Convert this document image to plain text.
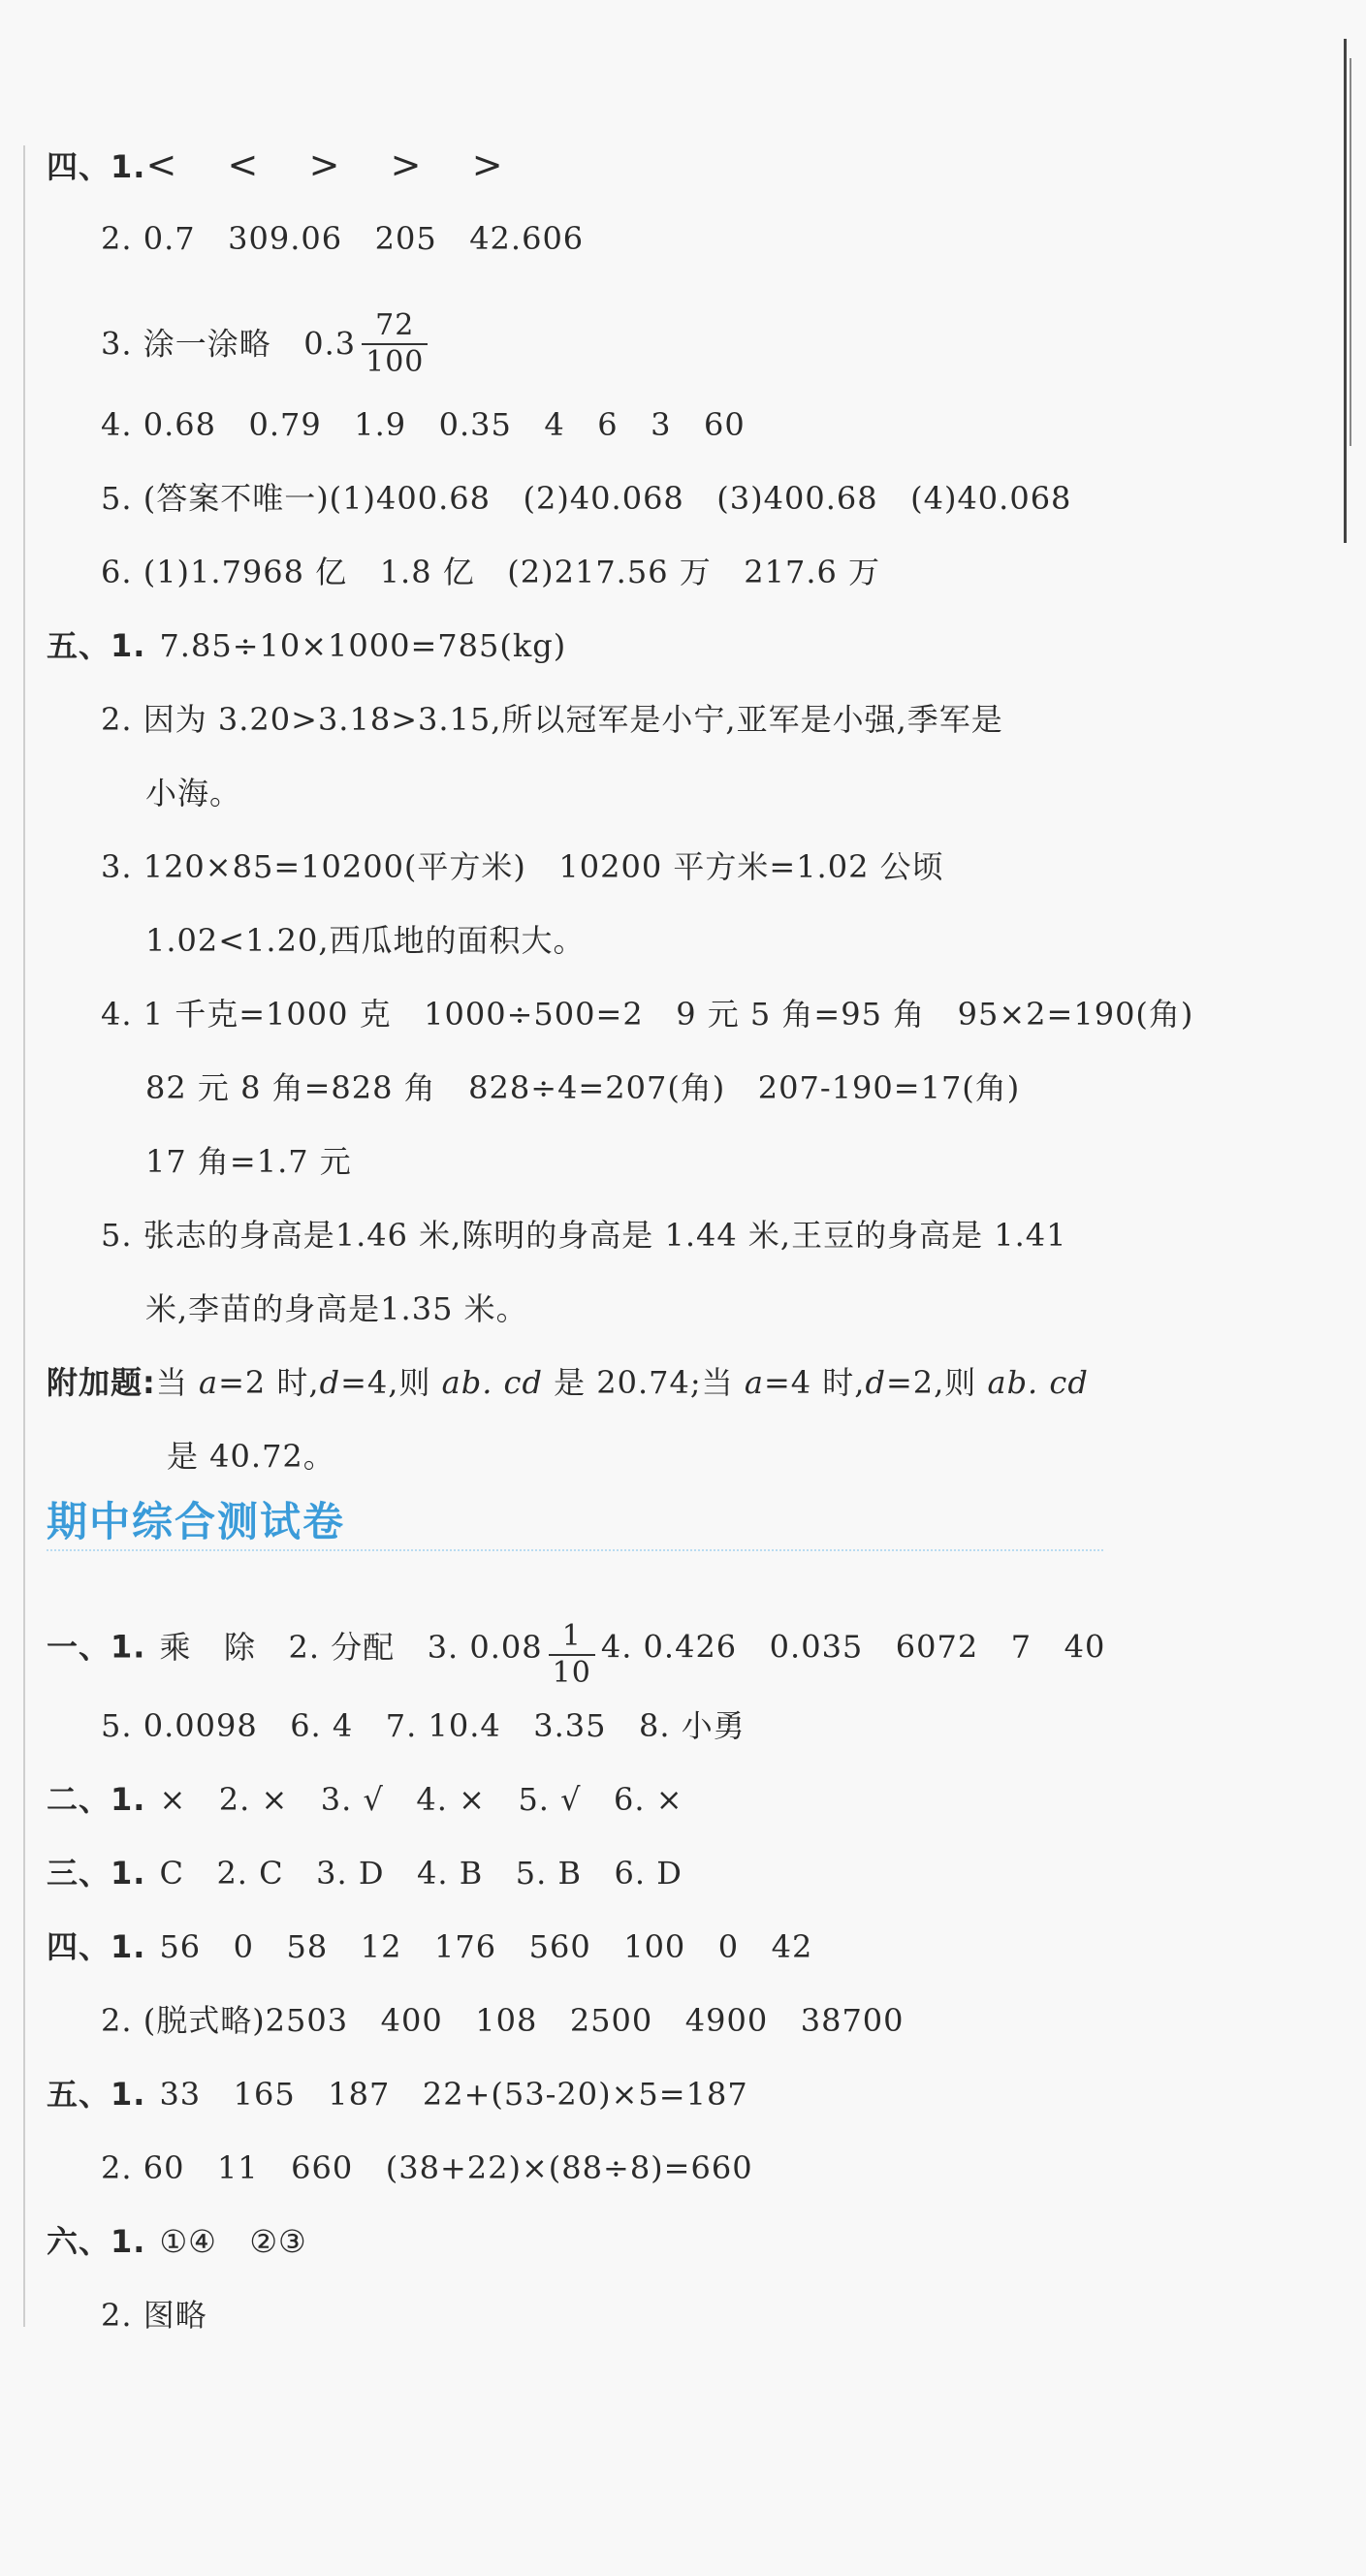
四、1.<   <   >   >   >
2. 0.7   309.06   205   42.606
3. 涂一涂略   $0.3 \frac{72}{100}$
4. 0.68   0.79   1.9   0.35   4   6   3   60
5. (答案不唯一)(1)400.68   (2)40.068   (3)400.68   (4)40.068
6. (1)1.7968 亿   1.8 亿   (2)217.56 万   217.6 万
五、1. 7.85÷10×1000=785(kg)
2. 因为 3.20>3.18>3.15,所以冠军是小宁,亚军是小强,季军是
小海。
3. 120×85=10200(平方米)   10200 平方米=1.02 公顷
1.02<1.20,西瓜地的面积大。
4. 1 千克=1000 克   1000÷500=2   9 元 5 角=95 角   95×2=190(角)
82 元 8 角=828 角   828÷4=207(角)   207-190=17(角)
17 角=1.7 元
5. 张志的身高是1.46 米,陈明的身高是 1.44 米,王豆的身高是 1.41
米,李苗的身高是1.35 米。
附加题:当 a=2 时,d=4,则 ab. cd 是 20.74;当 a=4 时,d=2,则 ab. cd
是 40.72。
期中综合测试卷
一、1. 乘   除   2. 分配   3. $0.08 \frac{1}{10} 4$. 0.426   0.035   6072   7   40
5. 0.0098   6. 4   7. 10.4   3.35   8. 小勇
二、1. ×   2. ×   3. √   4. ×   5. √   6. ×
三、1. C   2. C   3. D   4. B   5. B   6. D
四、1. 56   0   58   12   176   560   100   0   42
2. (脱式略)2503   400   108   2500   4900   38700
五、1. 33   165   187   22+(53-20)×5=187
2. 60   11   660   (38+22)×(88÷8)=660
六、1. ①④   ②③
2. 图略
